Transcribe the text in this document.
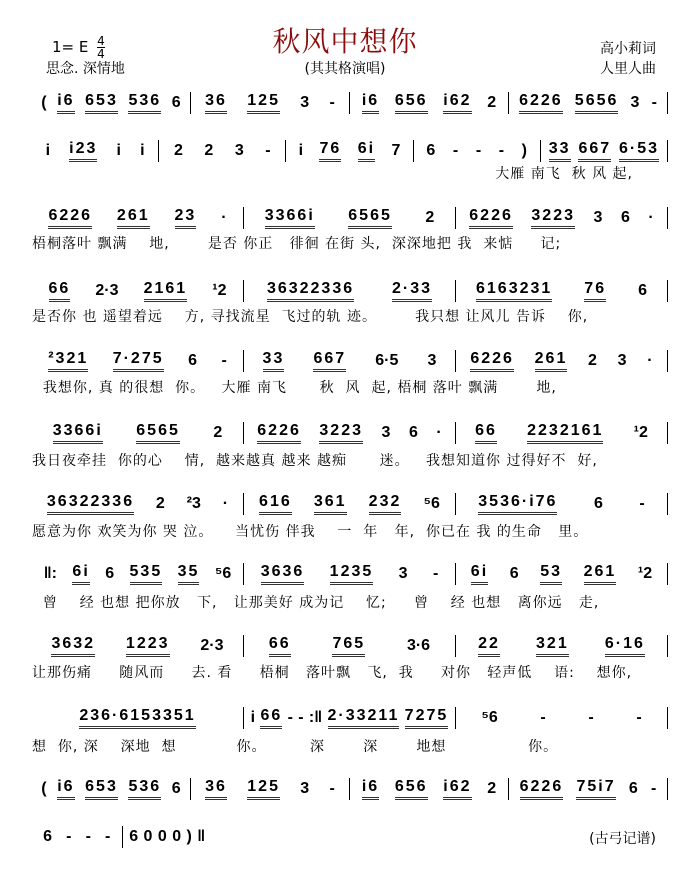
秋风中想你
1= E $\frac{4}{4}$
思念. 深情地	(其其格演唱)
高小莉词
人里人曲
(古弓记谱)
( i6 653 536 6 36 125 3 - i6 656 i62 2 6226 5656 3 -
i i23 i i 2 2 3 - i 76 6i 7 6 - - - ) 33 667 6·53
大雁 南飞  秋 风 起,
6226 261 23 · 3366i 6565 2 6226 3223 3 6 ·
梧桐落叶 飘满    地,       是否 你正   徘徊 在街 头,  深深地把 我  来惦     记;
66 2·3 2161 ¹2	36322336 2·33	6163231 76 6
是否你 也 遥望着远    方, 寻找流星  飞过的轨 迹。       我只想 让风儿 告诉    你,
²321 7·275 6 - 33 667 6·5 3 6226 261 2 3 ·
我想你, 真 的很想  你。   大雁 南飞      秋  风  起, 梧桐 落叶 飘满       地,
3366i 6565 2 6226 3223 3 6 · 66 2232161 ¹2
我日夜牵挂  你的心    情,  越来越真 越来 越痴      迷。   我想知道你 过得好不  好,
36322336 2 ²3 · 616 361 232 ⁵6 3536·i76 6 -
愿意为你 欢笑为你 哭 泣。    当忧伤 伴我    一  年   年,  你已在 我 的生命   里。
‖: 6i 6 535 35 ⁵6 3636 1235 3 - 6i 6 53 261 ¹2
曾    经 也想 把你放   下,   让那美好 成为记    忆;     曾    经 也想   离你远   走,
3632 1223 2·3	66	765	3·6	22 321 6·16
让那伤痛     随风而     去. 看     梧桐   落叶飘   飞,  我     对你   轻声低    语:    想你,
236·6153351	i 66 - - :‖ 2·33211 7275 ⁵6	-	-	-
想  你, 深    深地  想           你。        深       深       地想               你。
( i6 653 536 6 36 125 3 - i6 656 i62 2 6226 75i7 6 -
6 - - - 6 0 0 0 ) ‖
